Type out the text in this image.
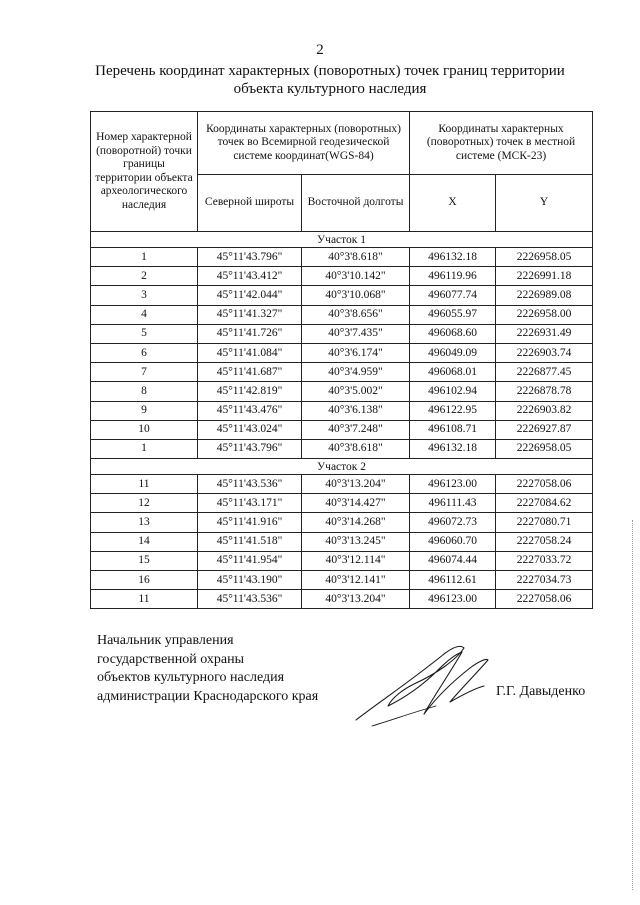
2
Перечень координат характерных (поворотных) точек границ территории
объекта культурного наследия
Номер характерной (поворотной) точки границы территории объекта археологического наследия	Координаты характерных (поворотных) точек во Всемирной геодезической системе координат(WGS-84)		Координаты характерных (поворотных) точек в местной системе (МСК-23)	
	Северной широты	Восточной долготы	X	Y
Участок 1				
1	45°11'43.796"	40°3'8.618"	496132.18	2226958.05
2	45°11'43.412"	40°3'10.142"	496119.96	2226991.18
3	45°11'42.044"	40°3'10.068"	496077.74	2226989.08
4	45°11'41.327"	40°3'8.656"	496055.97	2226958.00
5	45°11'41.726"	40°3'7.435"	496068.60	2226931.49
6	45°11'41.084"	40°3'6.174"	496049.09	2226903.74
7	45°11'41.687"	40°3'4.959"	496068.01	2226877.45
8	45°11'42.819"	40°3'5.002"	496102.94	2226878.78
9	45°11'43.476"	40°3'6.138"	496122.95	2226903.82
10	45°11'43.024"	40°3'7.248"	496108.71	2226927.87
1	45°11'43.796"	40°3'8.618"	496132.18	2226958.05
Участок 2				
11	45°11'43.536"	40°3'13.204"	496123.00	2227058.06
12	45°11'43.171"	40°3'14.427"	496111.43	2227084.62
13	45°11'41.916"	40°3'14.268"	496072.73	2227080.71
14	45°11'41.518"	40°3'13.245"	496060.70	2227058.24
15	45°11'41.954"	40°3'12.114"	496074.44	2227033.72
16	45°11'43.190"	40°3'12.141"	496112.61	2227034.73
11	45°11'43.536"	40°3'13.204"	496123.00	2227058.06
Начальник управления
государственной охраны
объектов культурного наследия
администрации Краснодарского края	Г.Г. Давыденко
